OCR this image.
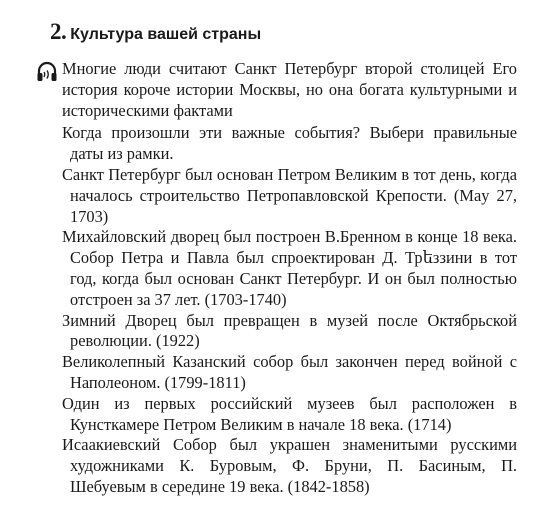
2. Культура вашей страны

Многие люди считают Санкт Петербург второй столицей Его история короче истории Москвы, но она богата культурными и историческими фактами

Когда произошли эти важные события? Выбери правильные даты из рамки.

Санкт Петербург был основан Петром Великим в тот день, когда началось строительство Петропавловской Крепости. (May 27, 1703)

Михайловский дворец был построен В.Бренном в конце 18 века. Собор Петра и Павла был спроектирован Д. Трեззини в тот год, когда был основан Санкт Петербург. И он был полностью отстроен за 37 лет. (1703-1740)

Зимний Дворец был превращен в музей после Октябрьской революции. (1922)

Великолепный Казанский собор был закончен перед войной с Наполеоном. (1799-1811)

Один из первых российский музеев был расположен в Кунсткамере Петром Великим в начале 18 века. (1714)

Исаакиевский Собор был украшен знаменитыми русскими художниками К. Буровым, Ф. Бруни, П. Басиным, П. Шебуевым в середине 19 века. (1842-1858)
